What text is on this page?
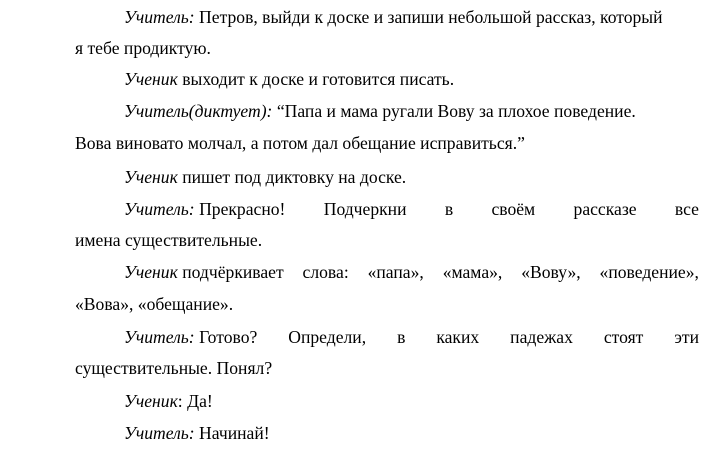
Учитель: Петров, выйди к доске и запиши небольшой рассказ, который
я тебе продиктую.
Ученик выходит к доске и готовится писать.
Учитель(диктует): “Папа и мама ругали Вову за плохое поведение.
Вова виновато молчал, а потом дал обещание исправиться.”
Ученик пишет под диктовку на доске.
Учитель: Прекрасно! Подчеркни в своём рассказе все
имена существительные.
Ученик подчёркивает слова: «папа», «мама», «Вову», «поведение»,
«Вова», «обещание».
Учитель: Готово? Определи, в каких падежах стоят эти
существительные. Понял?
Ученик: Да!
Учитель: Начинай!
